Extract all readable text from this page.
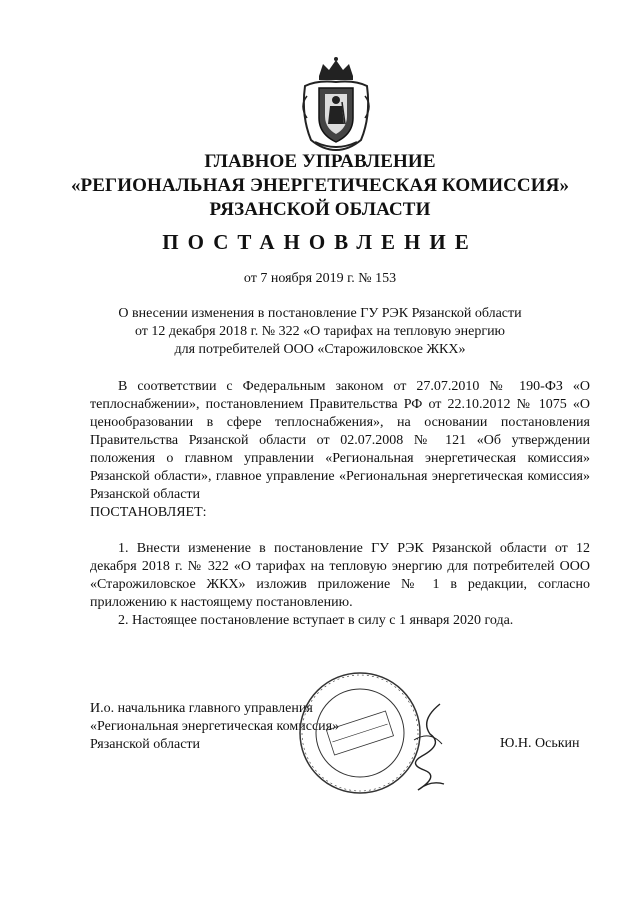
ГЛАВНОЕ УПРАВЛЕНИЕ
«РЕГИОНАЛЬНАЯ ЭНЕРГЕТИЧЕСКАЯ КОМИССИЯ»
РЯЗАНСКОЙ ОБЛАСТИ
ПОСТАНОВЛЕНИЕ
от 7 ноября 2019 г. № 153
О внесении изменения в постановление ГУ РЭК Рязанской области
от 12 декабря 2018 г. № 322 «О тарифах на тепловую энергию
для потребителей ООО «Старожиловское ЖКХ»

В соответствии с Федеральным законом от 27.07.2010 № 190-ФЗ «О теплоснабжении», постановлением Правительства РФ от 22.10.2012 № 1075 «О ценообразовании в сфере теплоснабжения», на основании постановления Правительства Рязанской области от 02.07.2008 № 121 «Об утверждении положения о главном управлении «Региональная энергетическая комиссия» Рязанской области», главное управление «Региональная энергетическая комиссия» Рязанской области
ПОСТАНОВЛЯЕТ:

1. Внести изменение в постановление ГУ РЭК Рязанской области от 12 декабря 2018 г. № 322 «О тарифах на тепловую энергию для потребителей ООО «Старожиловское ЖКХ» изложив приложение № 1 в редакции, согласно приложению к настоящему постановлению.

2. Настоящее постановление вступает в силу с 1 января 2020 года.

И.о. начальника главного управления
«Региональная энергетическая комиссия»
Рязанской области	Ю.Н. Оськин
